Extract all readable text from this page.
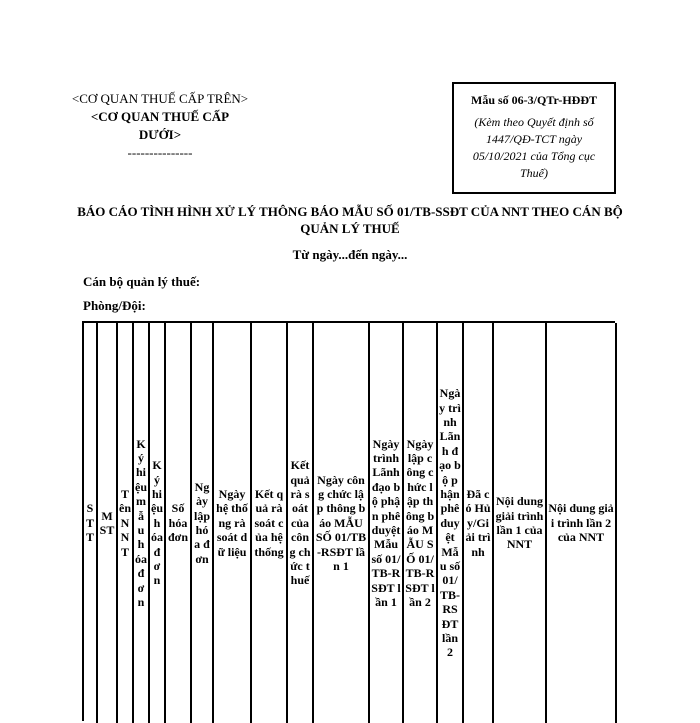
<CƠ QUAN THUẾ CẤP TRÊN>
<CƠ QUAN THUẾ CẤP DƯỚI>
---------------
Mẫu số 06-3/QTr-HĐĐT
(Kèm theo Quyết định số 1447/QĐ-TCT ngày 05/10/2021 của Tổng cục Thuế)
BÁO CÁO TÌNH HÌNH XỬ LÝ THÔNG BÁO MẪU SỐ 01/TB-SSĐT CỦA NNT THEO CÁN BỘ QUẢN LÝ THUẾ
Từ ngày...đến ngày...
Cán bộ quản lý thuế:
Phòng/Đội:
STT
MST
Tên NNT
Ký hiệu mẫu hóa đơn
Ký hiệu hóa đơn
Số hóa đơn
Ngày lập hóa đơn
Ngày hệ thống rà soát dữ liệu
Kết quả rà soát của hệ thống
Kết quả rà soát của công chức thuế
Ngày công chức lập thông báo MẪU SỐ 01/TB-RSĐT lần 1
Ngày trình Lãnh đạo bộ phận phê duyệt Mẫu số 01/TB-RSĐT lần 1
Ngày lập công chức lập thông báo MẪU SỐ 01/TB-RSĐT lần 2
Ngày trình Lãnh đạo bộ phận phê duyệt Mẫu số 01/TB-RSĐT lần 2
Đã có Hủy/Giải trình
Nội dung giải trình lần 1 của NNT
Nội dung giải trình lần 2 của NNT
